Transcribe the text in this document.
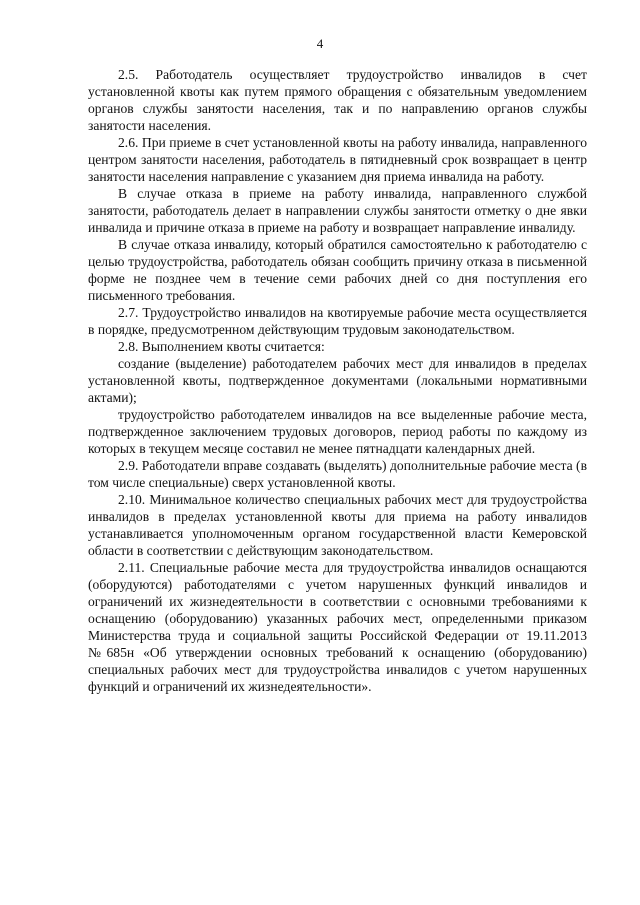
4

2.5. Работодатель осуществляет трудоустройство инвалидов в счет установленной квоты как путем прямого обращения с обязательным уведомлением органов службы занятости населения, так и по направлению органов службы занятости населения.

2.6. При приеме в счет установленной квоты на работу инвалида, направленного центром занятости населения, работодатель в пятидневный срок возвращает в центр занятости населения направление с указанием дня приема инвалида на работу.

В случае отказа в приеме на работу инвалида, направленного службой занятости, работодатель делает в направлении службы занятости отметку о дне явки инвалида и причине отказа в приеме на работу и возвращает направление инвалиду.

В случае отказа инвалиду, который обратился самостоятельно к работодателю с целью трудоустройства, работодатель обязан сообщить причину отказа в письменной форме не позднее чем в течение семи рабочих дней со дня поступления его письменного требования.

2.7. Трудоустройство инвалидов на квотируемые рабочие места осуществляется в порядке, предусмотренном действующим трудовым законодательством.

2.8. Выполнением квоты считается:

создание (выделение) работодателем рабочих мест для инвалидов в пределах установленной квоты, подтвержденное документами (локальными нормативными актами);

трудоустройство работодателем инвалидов на все выделенные рабочие места, подтвержденное заключением трудовых договоров, период работы по каждому из которых в текущем месяце составил не менее пятнадцати календарных дней.

2.9. Работодатели вправе создавать (выделять) дополнительные рабочие места (в том числе специальные) сверх установленной квоты.

2.10. Минимальное количество специальных рабочих мест для трудоустройства инвалидов в пределах установленной квоты для приема на работу инвалидов устанавливается уполномоченным органом государственной власти Кемеровской области в соответствии с действующим законодательством.

2.11. Специальные рабочие места для трудоустройства инвалидов оснащаются (оборудуются) работодателями с учетом нарушенных функций инвалидов и ограничений их жизнедеятельности в соответствии с основными требованиями к оснащению (оборудованию) указанных рабочих мест, определенными приказом Министерства труда и социальной защиты Российской Федерации от 19.11.2013 №685н «Об утверждении основных требований к оснащению (оборудованию) специальных рабочих мест для трудоустройства инвалидов с учетом нарушенных функций и ограничений их жизнедеятельности».
